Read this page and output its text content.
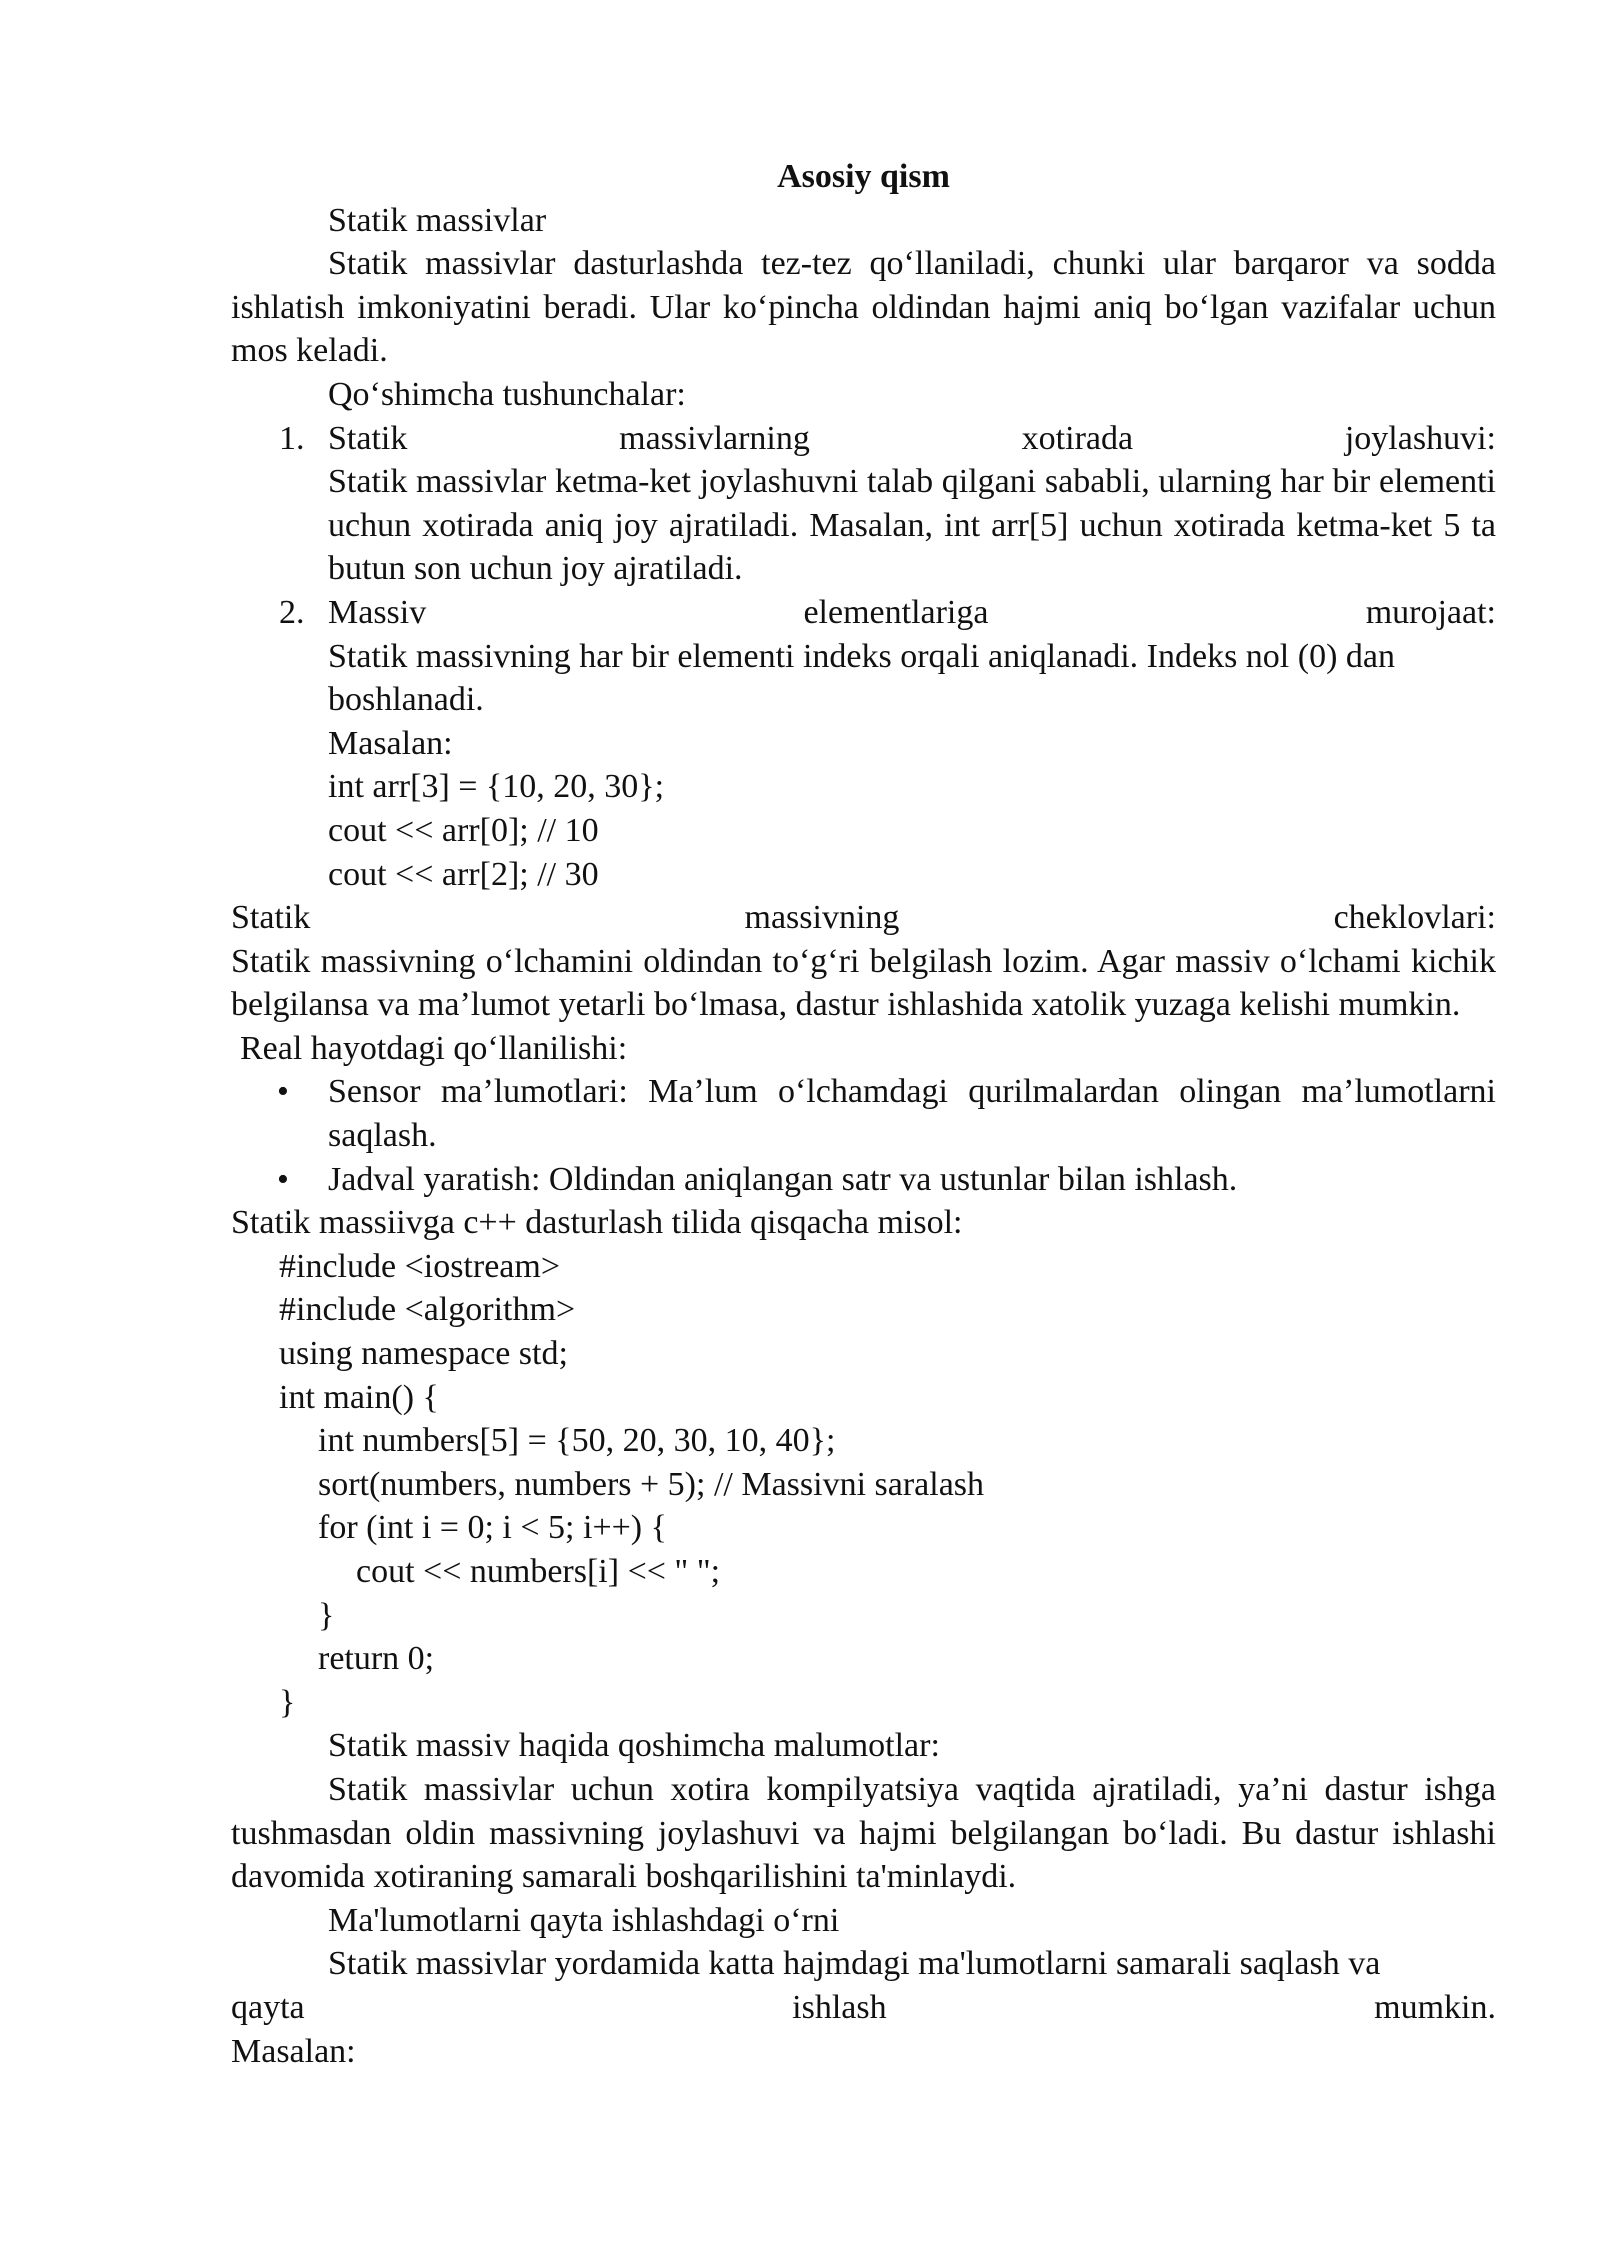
Asosiy qism

Statik massivlar

Statik massivlar dasturlashda tez-tez qo‘llaniladi, chunki ular barqaror va sodda ishlatish imkoniyatini beradi. Ular ko‘pincha oldindan hajmi aniq bo‘lgan vazifalar uchun mos keladi.

Qo‘shimcha tushunchalar:

1. Statik	massivlarning	xotirada	joylashuvi:

Statik massivlar ketma-ket joylashuvni talab qilgani sababli, ularning har bir elementi uchun xotirada aniq joy ajratiladi. Masalan, int arr[5] uchun xotirada ketma-ket 5 ta butun son uchun joy ajratiladi.

2. Massiv	elementlariga	murojaat:

Statik massivning har bir elementi indeks orqali aniqlanadi. Indeks nol (0) dan boshlanadi.

Masalan:

int arr[3] = {10, 20, 30};

cout << arr[0]; // 10

cout << arr[2]; // 30

Statik	massivning	cheklovlari:

Statik massivning o‘lchamini oldindan to‘g‘ri belgilash lozim. Agar massiv o‘lchami kichik belgilansa va ma’lumot yetarli bo‘lmasa, dastur ishlashida xatolik yuzaga kelishi mumkin.

Real hayotdagi qo‘llanilishi:

• Sensor ma’lumotlari: Ma’lum o‘lchamdagi qurilmalardan olingan ma’lumotlarni saqlash.
• Jadval yaratish: Oldindan aniqlangan satr va ustunlar bilan ishlash.

Statik massiivga c++ dasturlash tilida qisqacha misol:

#include <iostream>

#include <algorithm>

using namespace std;

int main() {

int numbers[5] = {50, 20, 30, 10, 40};

sort(numbers, numbers + 5); // Massivni saralash

for (int i = 0; i < 5; i++) {

cout << numbers[i] << " ";

}

return 0;

}

Statik massiv haqida qoshimcha malumotlar:

Statik massivlar uchun xotira kompilyatsiya vaqtida ajratiladi, ya’ni dastur ishga tushmasdan oldin massivning joylashuvi va hajmi belgilangan bo‘ladi. Bu dastur ishlashi davomida xotiraning samarali boshqarilishini ta'minlaydi.

Ma'lumotlarni qayta ishlashdagi o‘rni

Statik massivlar yordamida katta hajmdagi ma'lumotlarni samarali saqlash va

qayta	ishlash	mumkin.

Masalan:
